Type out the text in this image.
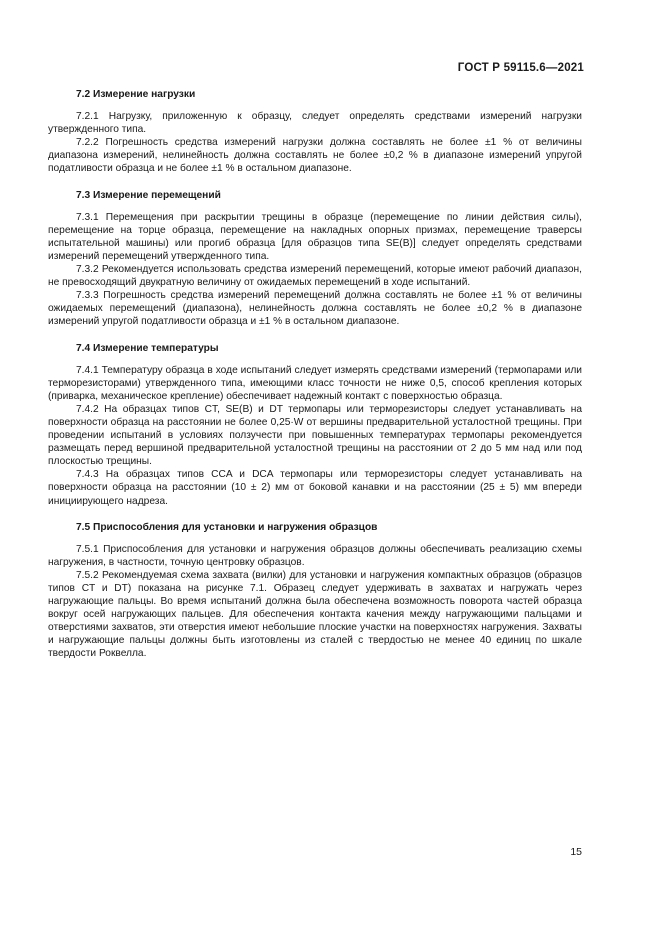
ГОСТ Р 59115.6—2021
7.2 Измерение нагрузки

7.2.1 Нагрузку, приложенную к образцу, следует определять средствами измерений нагрузки утвержденного типа.

7.2.2 Погрешность средства измерений нагрузки должна составлять не более ±1 % от величины диапазона измерений, нелинейность должна составлять не более ±0,2 % в диапазоне измерений упругой податливости образца и не более ±1 % в остальном диапазоне.

7.3 Измерение перемещений

7.3.1 Перемещения при раскрытии трещины в образце (перемещение по линии действия силы), перемещение на торце образца, перемещение на накладных опорных призмах, перемещение траверсы испытательной машины) или прогиб образца [для образцов типа SE(B)] следует определять средствами измерений перемещений утвержденного типа.

7.3.2 Рекомендуется использовать средства измерений перемещений, которые имеют рабочий диапазон, не превосходящий двукратную величину от ожидаемых перемещений в ходе испытаний.

7.3.3 Погрешность средства измерений перемещений должна составлять не более ±1 % от величины ожидаемых перемещений (диапазона), нелинейность должна составлять не более ±0,2 % в диапазоне измерений упругой податливости образца и ±1 % в остальном диапазоне.

7.4 Измерение температуры

7.4.1 Температуру образца в ходе испытаний следует измерять средствами измерений (термопарами или терморезисторами) утвержденного типа, имеющими класс точности не ниже 0,5, способ крепления которых (приварка, механическое крепление) обеспечивает надежный контакт с поверхностью образца.

7.4.2 На образцах типов CT, SE(B) и DT термопары или терморезисторы следует устанавливать на поверхности образца на расстоянии не более 0,25·W от вершины предварительной усталостной трещины. При проведении испытаний в условиях ползучести при повышенных температурах термопары рекомендуется размещать перед вершиной предварительной усталостной трещины на расстоянии от 2 до 5 мм над или под плоскостью трещины.

7.4.3 На образцах типов CCA и DCA термопары или терморезисторы следует устанавливать на поверхности образца на расстоянии (10 ± 2) мм от боковой канавки и на расстоянии (25 ± 5) мм впереди инициирующего надреза.

7.5 Приспособления для установки и нагружения образцов

7.5.1 Приспособления для установки и нагружения образцов должны обеспечивать реализацию схемы нагружения, в частности, точную центровку образцов.

7.5.2 Рекомендуемая схема захвата (вилки) для установки и нагружения компактных образцов (образцов типов CT и DT) показана на рисунке 7.1. Образец следует удерживать в захватах и нагружать через нагружающие пальцы. Во время испытаний должна была обеспечена возможность поворота частей образца вокруг осей нагружающих пальцев. Для обеспечения контакта качения между нагружающими пальцами и отверстиями захватов, эти отверстия имеют небольшие плоские участки на поверхностях нагружения. Захваты и нагружающие пальцы должны быть изготовлены из сталей с твердостью не менее 40 единиц по шкале твердости Роквелла.

15
